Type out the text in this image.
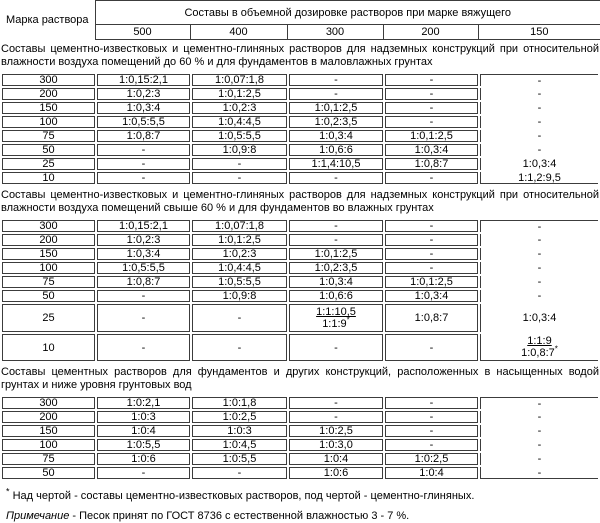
Марка раствора	Составы в объемной дозировке растворов при марке вяжущего				
	500	400	300	200	150

Составы цементно-известковых и цементно-глиняных растворов для надземных конструкций при относительной влажности воздуха помещений до 60 % и для фундаментов в маловлажных грунтах

300	1:0,15:2,1	1:0,07:1,8	-	-	-
200	1:0,2:3	1:0,1:2,5	-	-	-
150	1:0,3:4	1:0,2:3	1:0,1:2,5	-	-
100	1:0,5:5,5	1:0,4:4,5	1:0,2:3,5	-	-
75	1:0,8:7	1:0,5:5,5	1:0,3:4	1:0,1:2,5	-
50	-	1:0,9:8	1:0,6:6	1:0,3:4	-
25	-	-	1:1,4:10,5	1:0,8:7	1:0,3:4
10	-	-	-	-	1:1,2:9,5

Составы цементно-известковых и цементно-глиняных растворов для надземных конструкций при относительной влажности воздуха помещений свыше 60 % и для фундаментов во влажных грунтах

300	1:0,15:2,1	1:0,07:1,8	-	-	-
200	1:0,2:3	1:0,1:2,5	-	-	-
150	1:0,3:4	1:0,2:3	1:0,1:2,5	-	-
100	1:0,5:5,5	1:0,4:4,5	1:0,2:3,5	-	-
75	1:0,8:7	1:0,5:5,5	1:0,3:4	1:0,1:2,5	-
50	-	1:0,9:8	1:0,6:6	1:0,3:4	-
25	-	-	$\frac{1:1:10,5}{1:1:9^*}$	1:0,8:7	1:0,3:4
10	-	-	-	-	$\frac{1:1:9}{1:0,8:7^*}$

Составы цементных растворов для фундаментов и других конструкций, расположенных в насыщенных водой грунтах и ниже уровня грунтовых вод

300	1:0:2,1	1:0:1,8	-	-	-
200	1:0:3	1:0:2,5	-	-	-
150	1:0:4	1:0:3	1:0:2,5	-	-
100	1:0:5,5	1:0:4,5	1:0:3,0	-	-
75	1:0:6	1:0:5,5	1:0:4	1:0:2,5	-
50	-	-	1:0:6	1:0:4	-
* Над чертой - составы цементно-известковых растворов, под чертой - цементно-глиняных.
Примечание - Песок принят по ГОСТ 8736 с естественной влажностью 3 - 7 %.
